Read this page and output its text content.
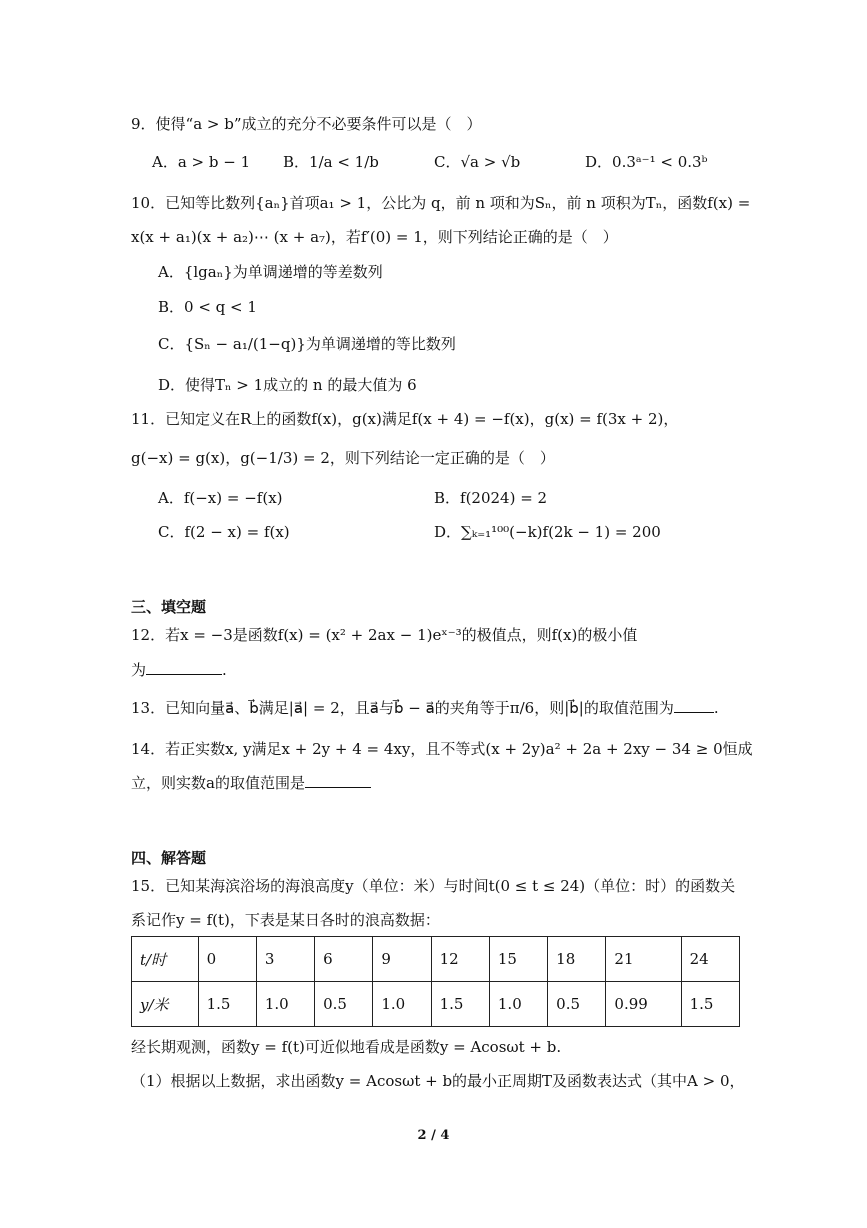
9．使得“a > b”成立的充分不必要条件可以是（　）
A．a > b − 1 B．1/a < 1/b	C．√a > √b	D．0.3ᵃ⁻¹ < 0.3ᵇ
10．已知等比数列{aₙ}首项a₁ > 1，公比为 q，前 n 项和为Sₙ，前 n 项积为Tₙ，函数f(x) =
x(x + a₁)(x + a₂)⋯ (x + a₇)，若f′(0) = 1，则下列结论正确的是（　）
A．{lgaₙ}为单调递增的等差数列
B．0 < q < 1
C．{Sₙ − a₁/(1−q)}为单调递增的等比数列
D．使得Tₙ > 1成立的 n 的最大值为 6
11．已知定义在R上的函数f(x)，g(x)满足f(x + 4) = −f(x)，g(x) = f(3x + 2)，
g(−x) = g(x)，g(−1/3) = 2，则下列结论一定正确的是（　）
A．f(−x) = −f(x)	B．f(2024) = 2
C．f(2 − x) = f(x)	D．∑ₖ₌₁¹⁰⁰(−k)f(2k − 1) = 200
三、填空题
12．若x = −3是函数f(x) = (x² + 2ax − 1)eˣ⁻³的极值点，则f(x)的极小值
为	.
13．已知向量a⃗、b⃗满足|a⃗| = 2，且a⃗与b⃗ − a⃗的夹角等于π/6，则|b⃗|的取值范围为	.
14．若正实数x, y满足x + 2y + 4 = 4xy，且不等式(x + 2y)a² + 2a + 2xy − 34 ≥ 0恒成
立，则实数a的取值范围是
四、解答题
15．已知某海滨浴场的海浪高度y（单位：米）与时间t(0 ≤ t ≤ 24)（单位：时）的函数关
系记作y = f(t)，下表是某日各时的浪高数据：
t/时	0	3	6	9	12	15	18	21	24
y/米	1.5	1.0	0.5	1.0	1.5	1.0	0.5	0.99	1.5
经长期观测，函数y = f(t)可近似地看成是函数y = Acosωt + b.
（1）根据以上数据，求出函数y = Acosωt + b的最小正周期T及函数表达式（其中A > 0，
2 / 4
